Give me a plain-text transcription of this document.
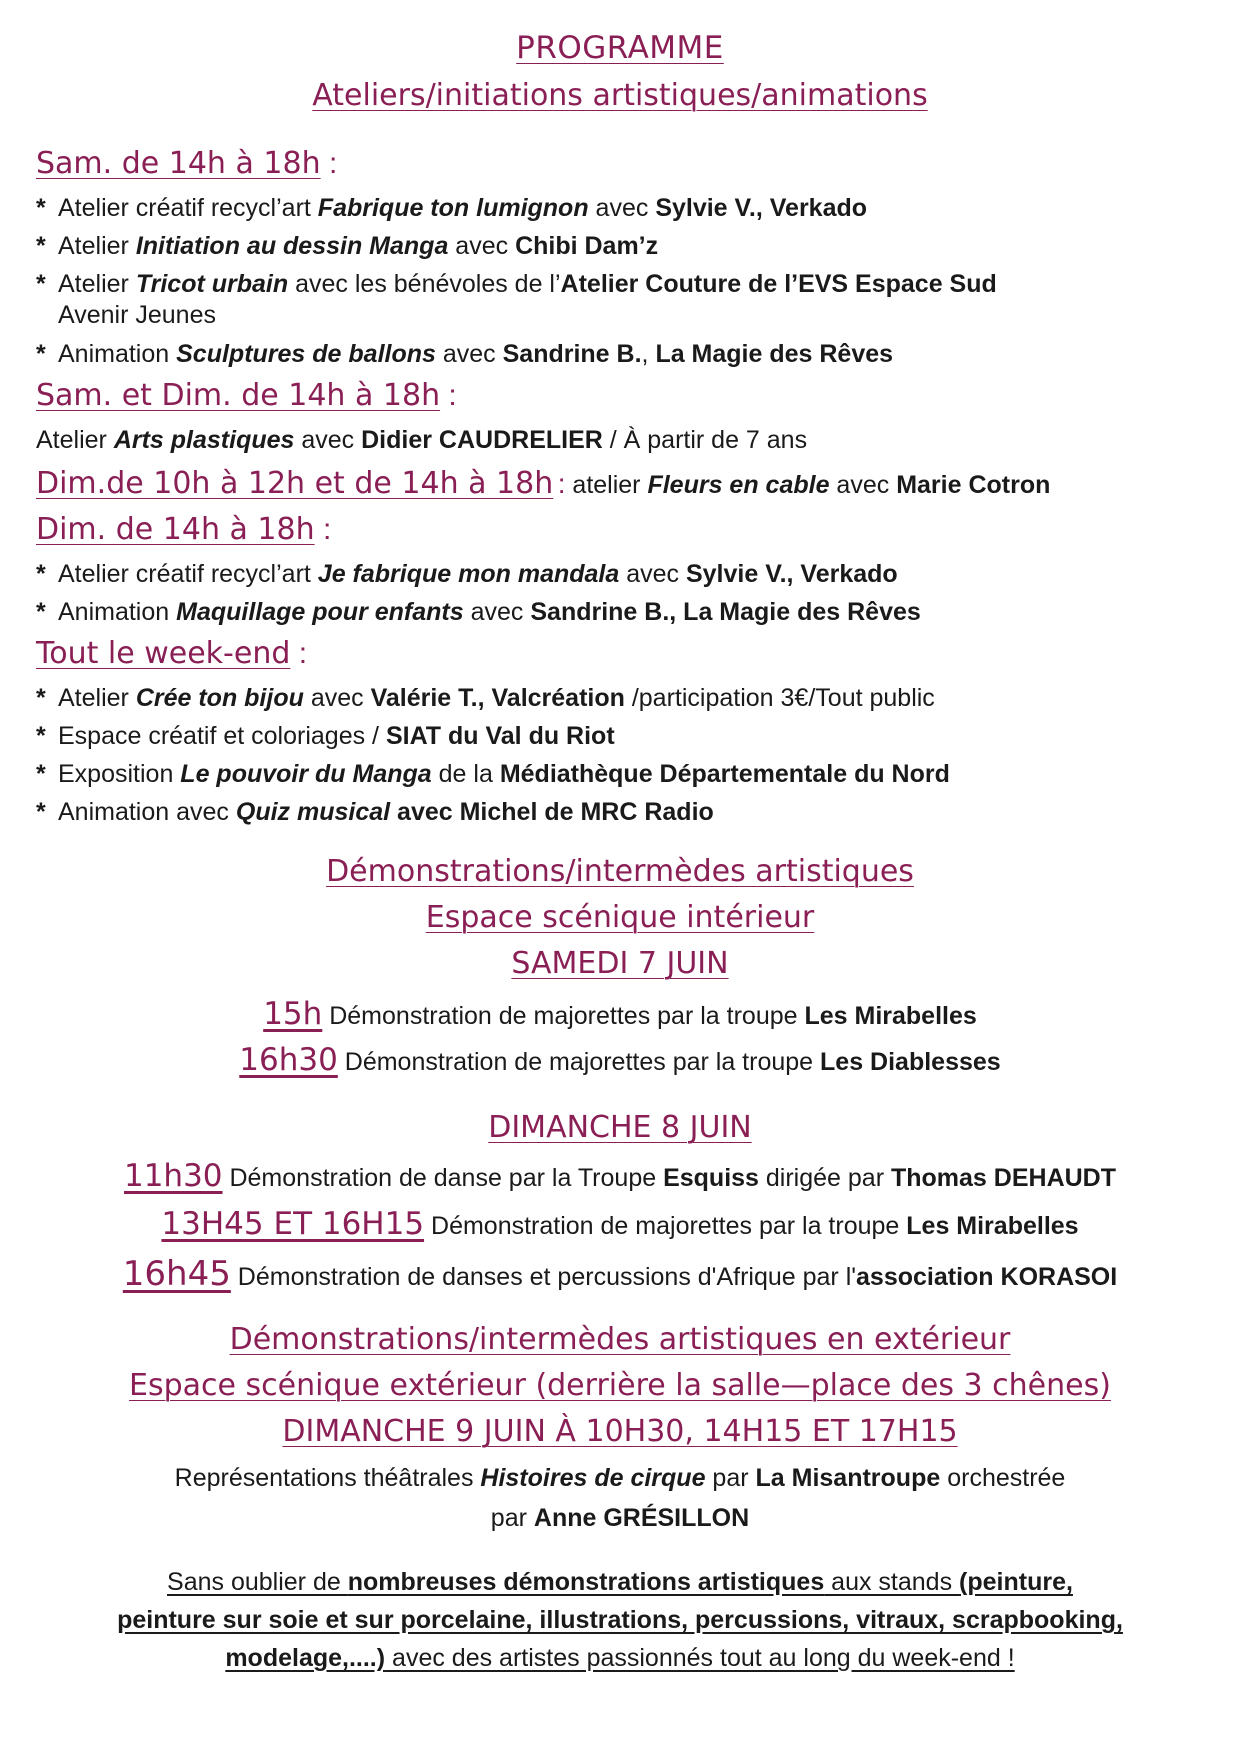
PROGRAMME
Ateliers/initiations artistiques/animations
Sam. de 14h à 18h :
* Atelier créatif recycl’art Fabrique ton lumignon avec Sylvie V., Verkado
* Atelier Initiation au dessin Manga avec Chibi Dam’z
* Atelier Tricot urbain avec les bénévoles de l’Atelier Couture de l’EVS Espace Sud
Avenir Jeunes
* Animation Sculptures de ballons avec Sandrine B., La Magie des Rêves
Sam. et Dim. de 14h à 18h :
Atelier Arts plastiques avec Didier CAUDRELIER / À partir de 7 ans
Dim.de 10h à 12h et de 14h à 18h : atelier Fleurs en cable avec Marie Cotron
Dim. de 14h à 18h :
* Atelier créatif recycl’art Je fabrique mon mandala avec Sylvie V., Verkado
* Animation Maquillage pour enfants avec Sandrine B., La Magie des Rêves
Tout le week-end :
* Atelier Crée ton bijou avec Valérie T., Valcréation /participation 3€/Tout public
* Espace créatif et coloriages / SIAT du Val du Riot
* Exposition Le pouvoir du Manga de la Médiathèque Départementale du Nord
* Animation avec Quiz musical avec Michel de MRC Radio
Démonstrations/intermèdes artistiques
Espace scénique intérieur
SAMEDI 7 JUIN
15h Démonstration de majorettes par la troupe Les Mirabelles
16h30 Démonstration de majorettes par la troupe Les Diablesses
DIMANCHE 8 JUIN
11h30 Démonstration de danse par la Troupe Esquiss dirigée par Thomas DEHAUDT
13H45 ET 16H15 Démonstration de majorettes par la troupe Les Mirabelles
16h45 Démonstration de danses et percussions d'Afrique par l'association KORASOI
Démonstrations/intermèdes artistiques en extérieur
Espace scénique extérieur (derrière la salle—place des 3 chênes)
DIMANCHE 9 JUIN À 10H30, 14H15 ET 17H15
Représentations théâtrales Histoires de cirque par La Misantroupe orchestrée
par Anne GRÉSILLON
Sans oublier de nombreuses démonstrations artistiques aux stands (peinture,
peinture sur soie et sur porcelaine, illustrations, percussions, vitraux, scrapbooking,
modelage,....) avec des artistes passionnés tout au long du week-end !
